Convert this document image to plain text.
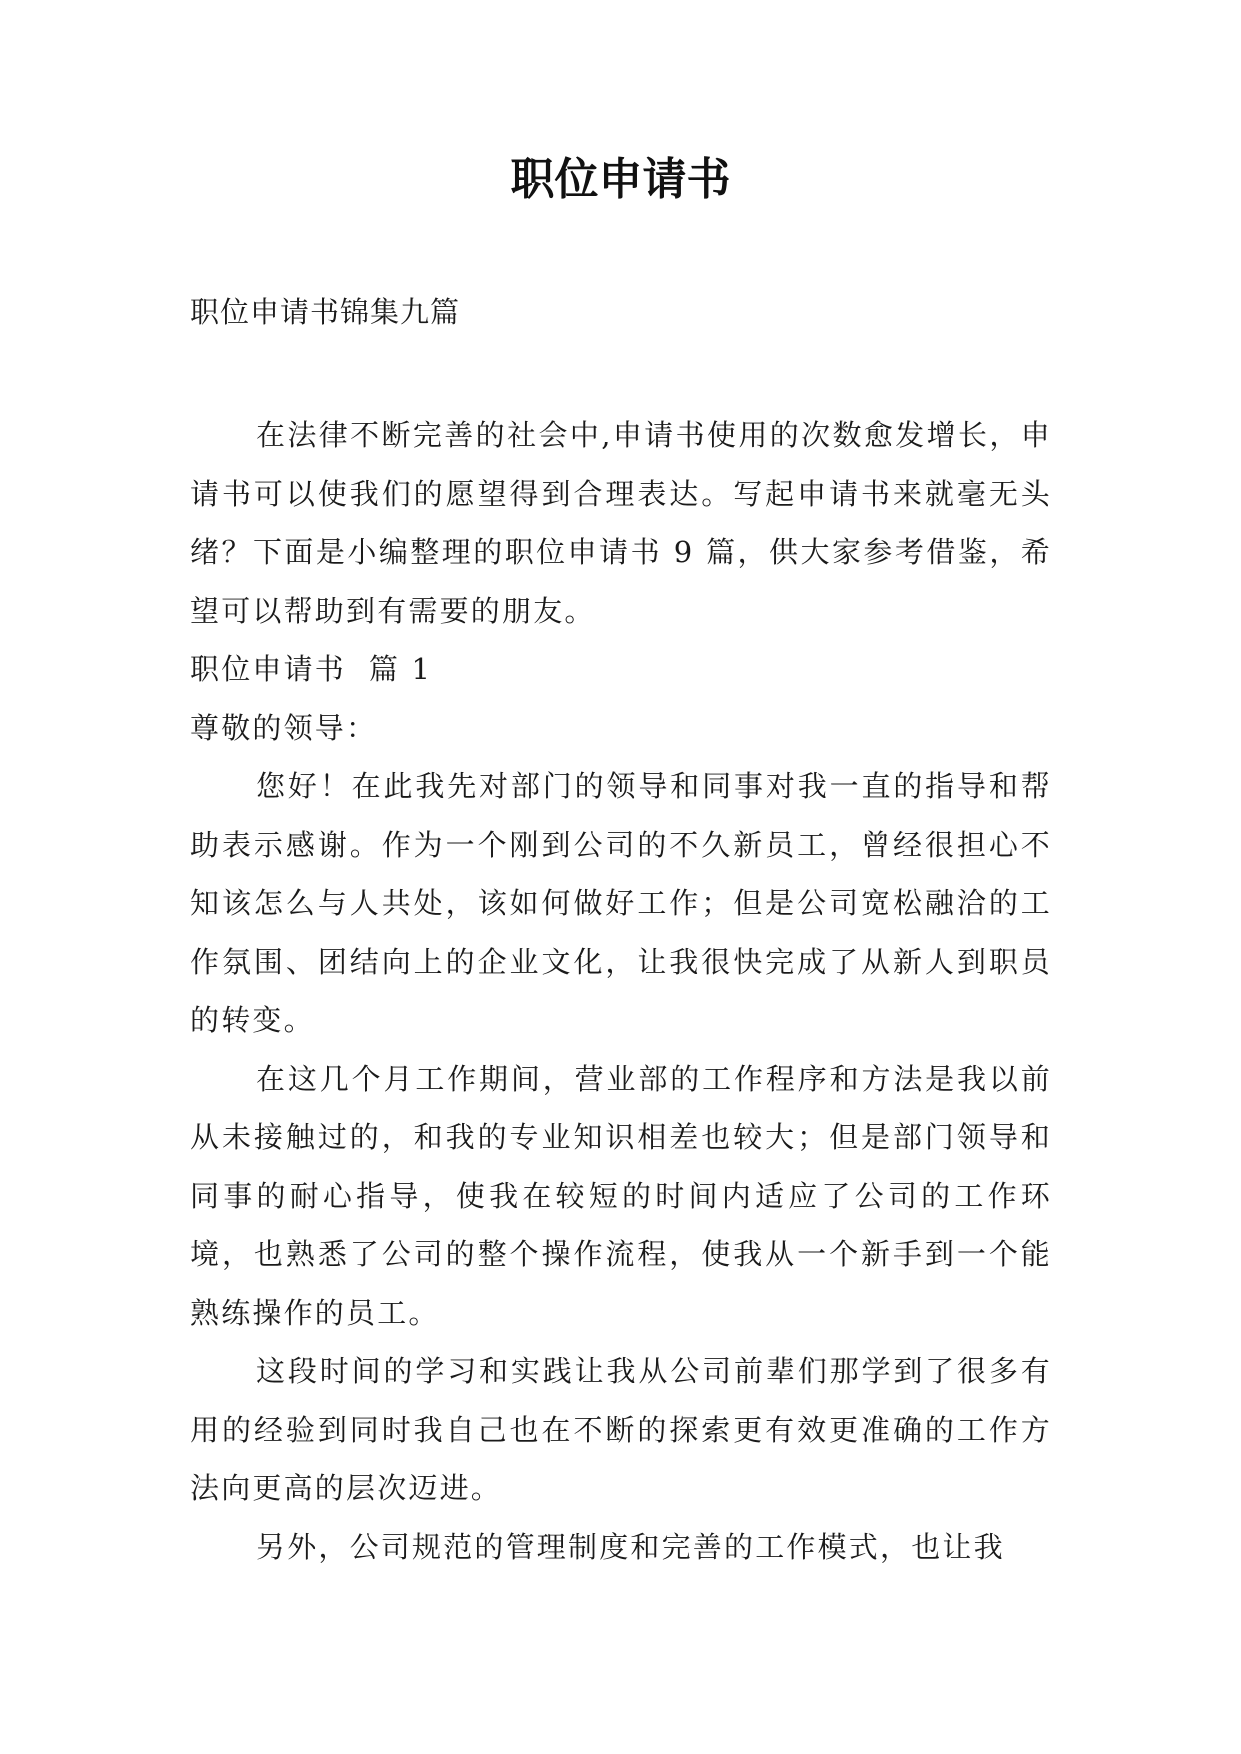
职位申请书
职位申请书锦集九篇

在法律不断完善的社会中,申请书使用的次数愈发增长，申请书可以使我们的愿望得到合理表达。写起申请书来就毫无头绪？下面是小编整理的职位申请书 9 篇，供大家参考借鉴，希望可以帮助到有需要的朋友。

职位申请书  篇 1

尊敬的领导：

您好！在此我先对部门的领导和同事对我一直的指导和帮助表示感谢。作为一个刚到公司的不久新员工，曾经很担心不知该怎么与人共处，该如何做好工作；但是公司宽松融洽的工作氛围、团结向上的企业文化，让我很快完成了从新人到职员的转变。

在这几个月工作期间，营业部的工作程序和方法是我以前从未接触过的，和我的专业知识相差也较大；但是部门领导和同事的耐心指导，使我在较短的时间内适应了公司的工作环境，也熟悉了公司的整个操作流程，使我从一个新手到一个能熟练操作的员工。

这段时间的学习和实践让我从公司前辈们那学到了很多有用的经验到同时我自己也在不断的探索更有效更准确的工作方法向更高的层次迈进。

另外，公司规范的管理制度和完善的工作模式，也让我
